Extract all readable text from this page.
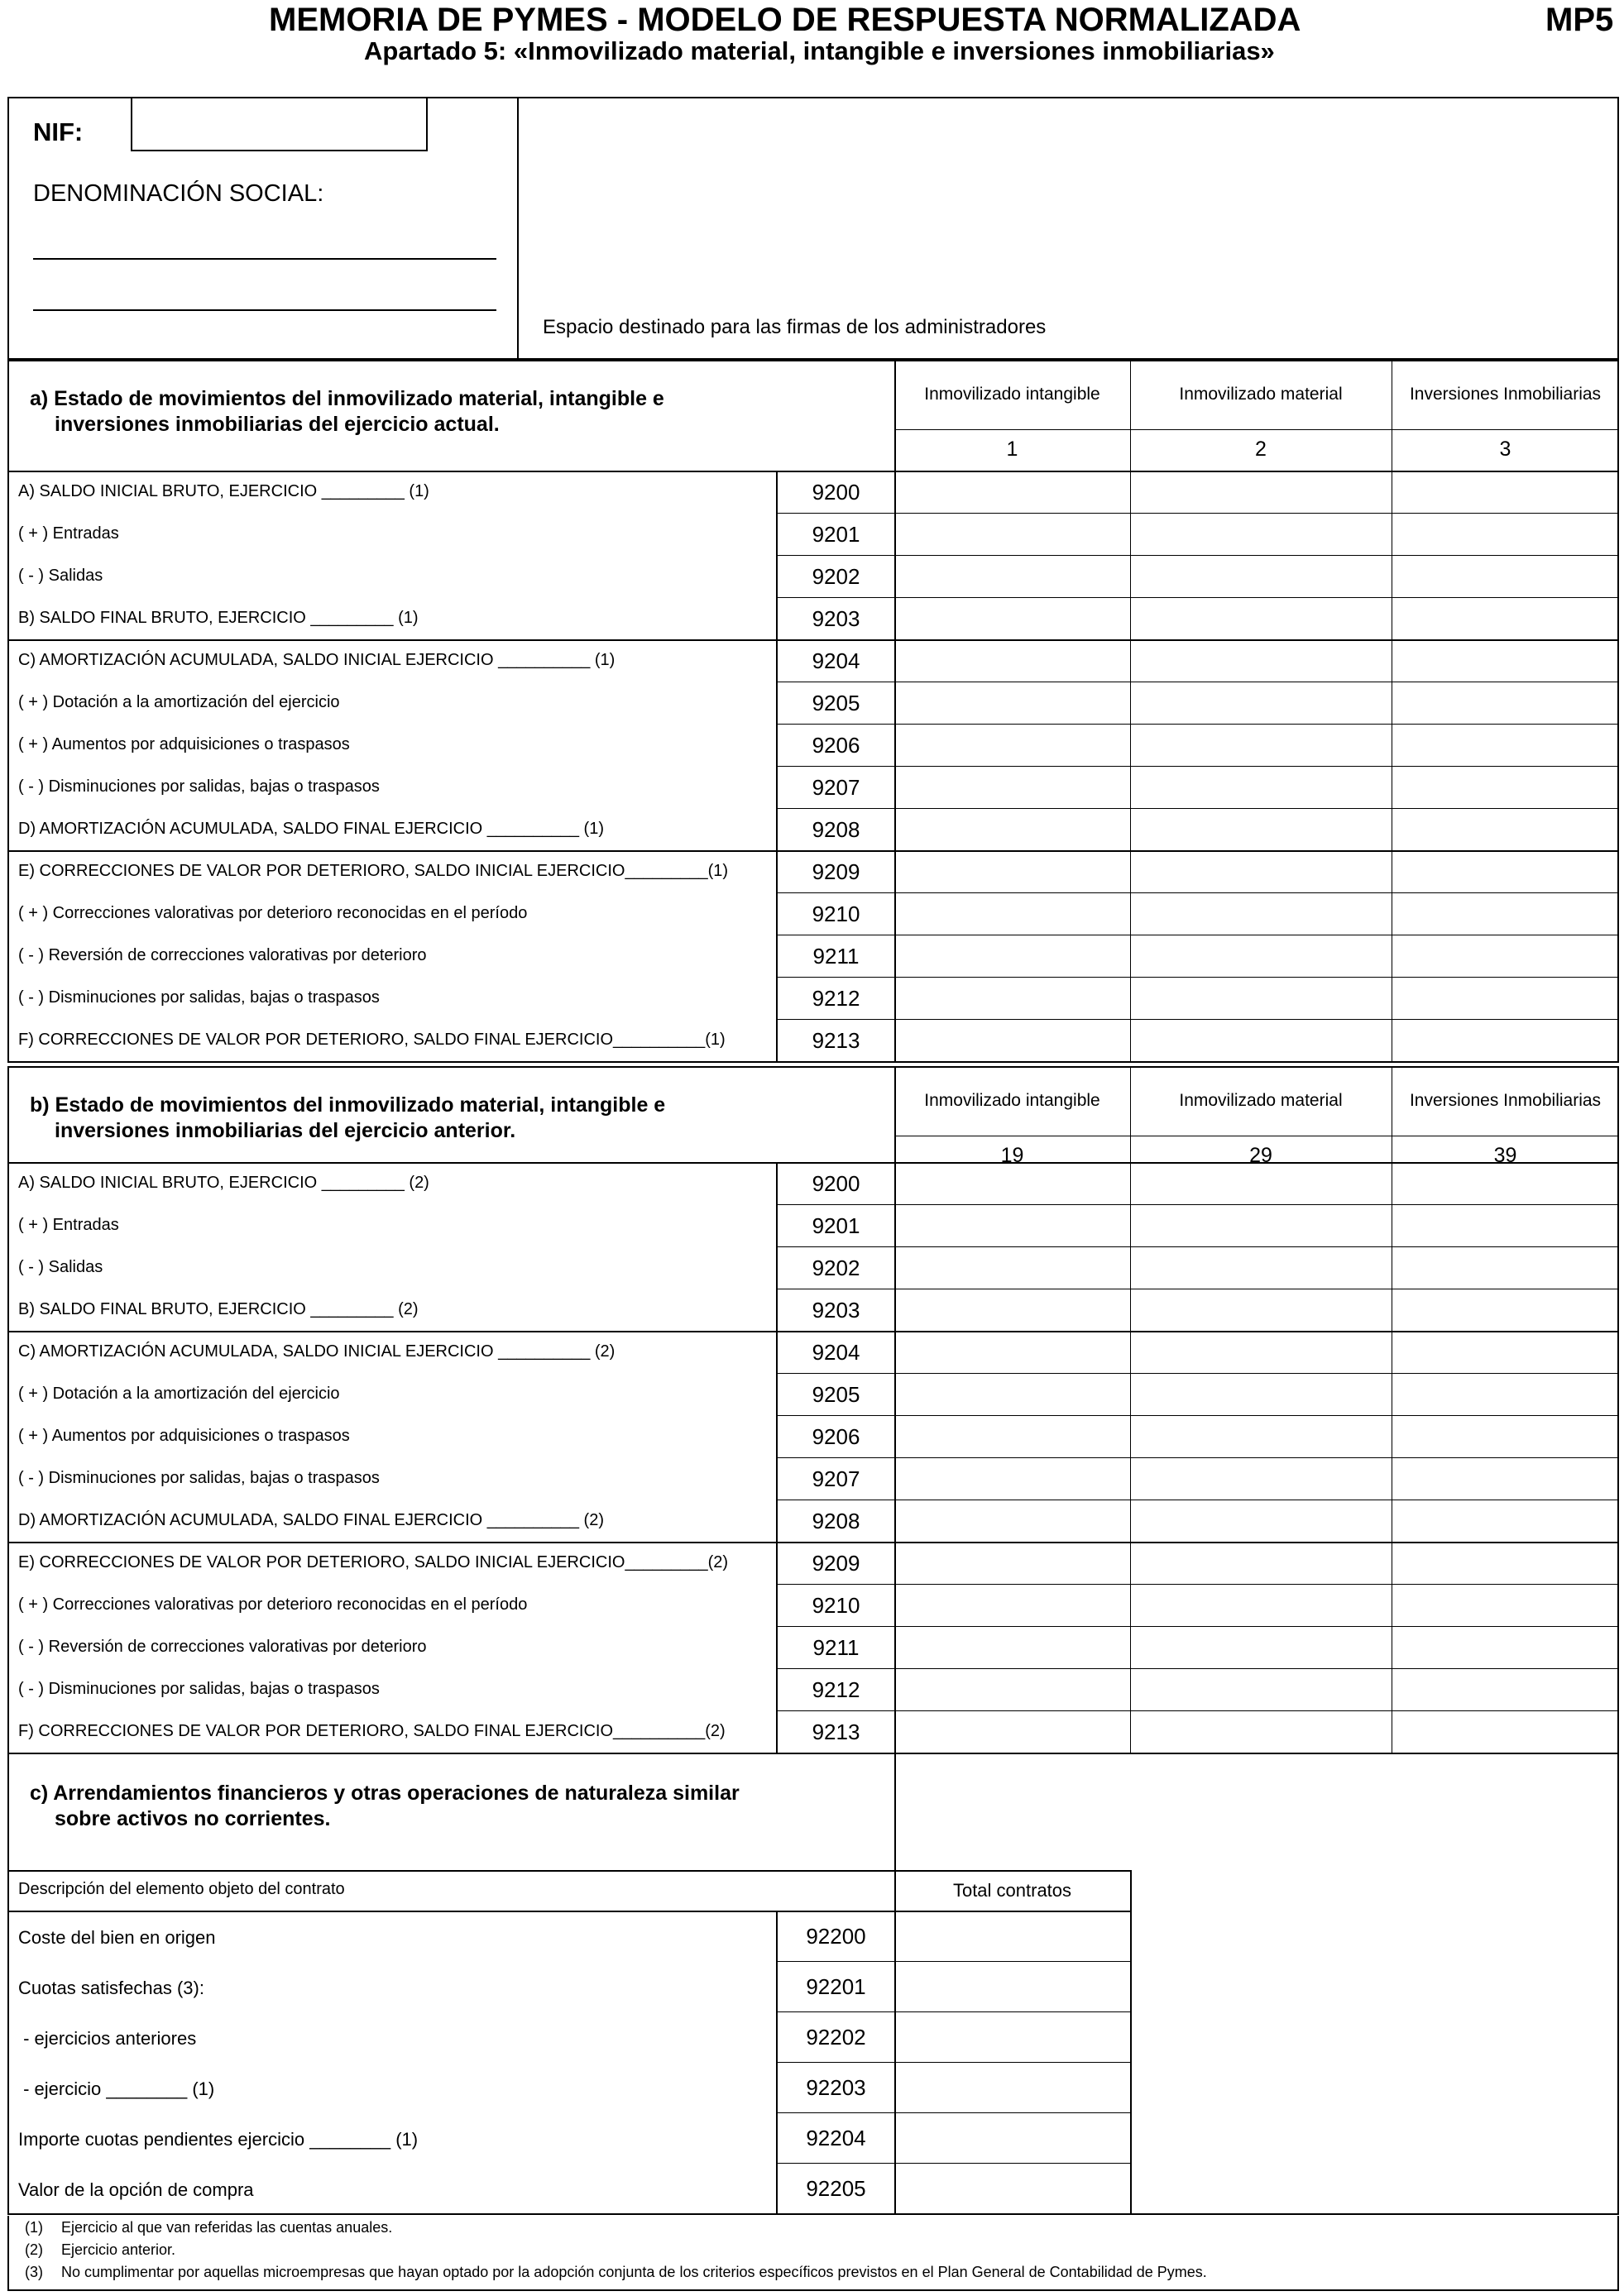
MEMORIA DE PYMES - MODELO DE RESPUESTA NORMALIZADA
Apartado 5: «Inmovilizado material, intangible e inversiones inmobiliarias»
MP5
NIF:
DENOMINACIÓN SOCIAL:
Espacio destinado para las firmas de los administradores
a) Estado de movimientos del inmovilizado material, intangible e inversiones inmobiliarias del ejercicio actual.
Inmovilizado intangible
1
Inmovilizado material
2
Inversiones Inmobiliarias
3
A) SALDO INICIAL BRUTO, EJERCICIO _________ (1)	9200
( + ) Entradas	9201
( - ) Salidas	9202
B) SALDO FINAL BRUTO, EJERCICIO _________ (1)	9203
C) AMORTIZACIÓN ACUMULADA, SALDO INICIAL EJERCICIO __________ (1)	9204
( + ) Dotación a la amortización del ejercicio	9205
( + ) Aumentos por adquisiciones o traspasos	9206
( - ) Disminuciones por salidas, bajas o traspasos	9207
D) AMORTIZACIÓN ACUMULADA, SALDO FINAL EJERCICIO __________ (1)	9208
E) CORRECCIONES DE VALOR POR DETERIORO, SALDO INICIAL EJERCICIO_________(1)	9209
( + ) Correcciones valorativas por deterioro reconocidas en el período	9210
( - ) Reversión de correcciones valorativas por deterioro	9211
( - ) Disminuciones por salidas, bajas o traspasos	9212
F) CORRECCIONES DE VALOR POR DETERIORO, SALDO FINAL EJERCICIO__________(1)	9213
b) Estado de movimientos del inmovilizado material, intangible e inversiones inmobiliarias del ejercicio anterior.
Inmovilizado intangible
19
Inmovilizado material
29
Inversiones Inmobiliarias
39
A) SALDO INICIAL BRUTO, EJERCICIO _________ (2)	9200
( + ) Entradas	9201
( - ) Salidas	9202
B) SALDO FINAL BRUTO, EJERCICIO _________ (2)	9203
C) AMORTIZACIÓN ACUMULADA, SALDO INICIAL EJERCICIO __________ (2)	9204
( + ) Dotación a la amortización del ejercicio	9205
( + ) Aumentos por adquisiciones o traspasos	9206
( - ) Disminuciones por salidas, bajas o traspasos	9207
D) AMORTIZACIÓN ACUMULADA, SALDO FINAL EJERCICIO __________ (2)	9208
E) CORRECCIONES DE VALOR POR DETERIORO, SALDO INICIAL EJERCICIO_________(2)	9209
( + ) Correcciones valorativas por deterioro reconocidas en el período	9210
( - ) Reversión de correcciones valorativas por deterioro	9211
( - ) Disminuciones por salidas, bajas o traspasos	9212
F) CORRECCIONES DE VALOR POR DETERIORO, SALDO FINAL EJERCICIO__________(2)	9213
c) Arrendamientos financieros y otras operaciones de naturaleza similar sobre activos no corrientes.
Descripción del elemento objeto del contrato	Total contratos
Coste del bien en origen	92200
Cuotas satisfechas (3):	92201
- ejercicios anteriores	92202
- ejercicio ________ (1)	92203
Importe cuotas pendientes ejercicio ________ (1)	92204
Valor de la opción de compra	92205
(1) Ejercicio al que van referidas las cuentas anuales.
(2) Ejercicio anterior.
(3) No cumplimentar por aquellas microempresas que hayan optado por la adopción conjunta de los criterios específicos previstos en el Plan General de Contabilidad de Pymes.
